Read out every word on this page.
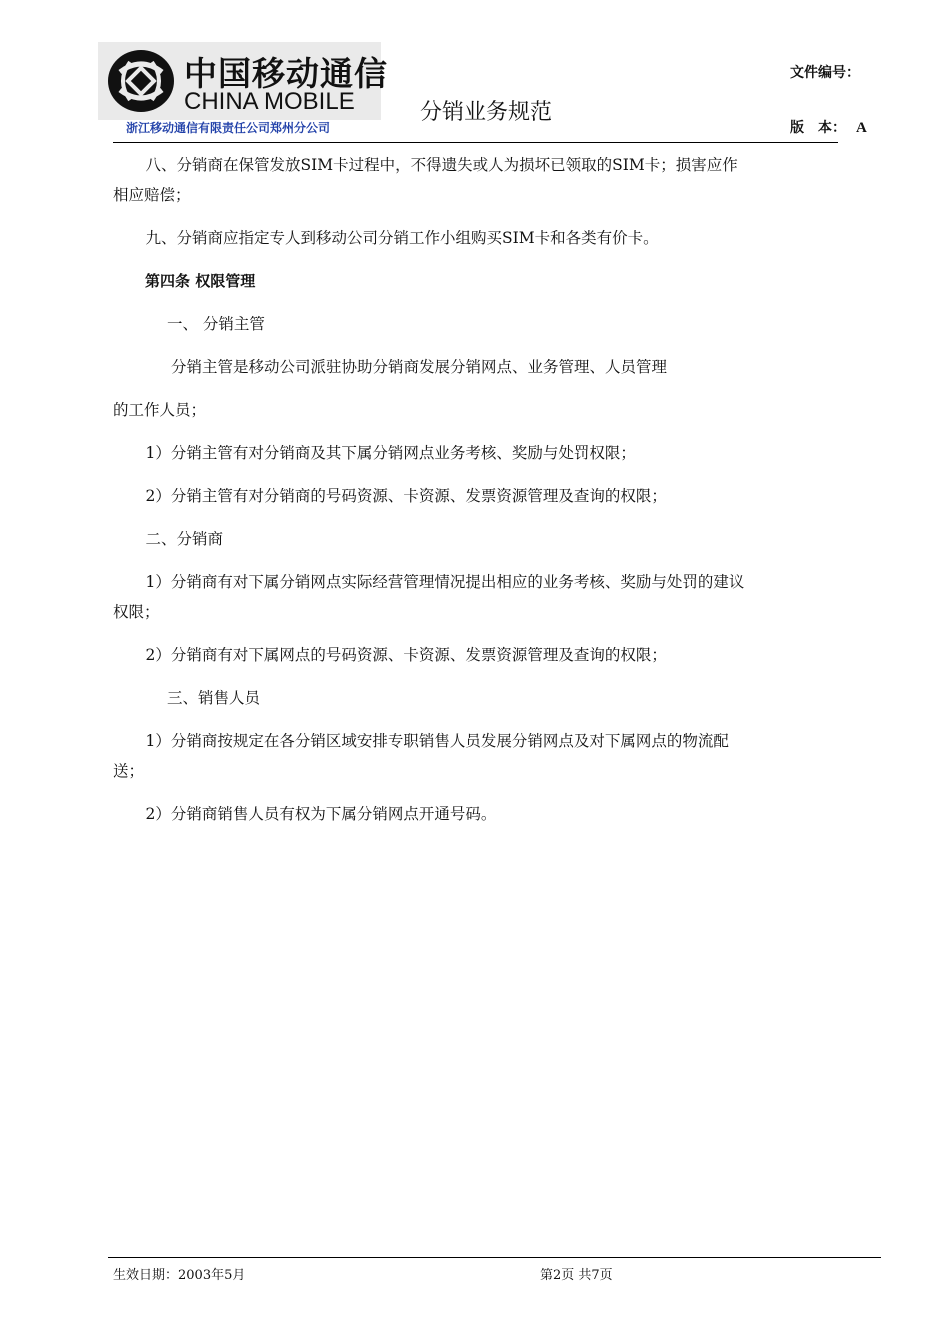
中国移动通信
CHINA MOBILE
浙江移动通信有限责任公司郑州分公司
分销业务规范
文件编号：
版　本： A

八、分销商在保管发放SIM卡过程中，不得遗失或人为损坏已领取的SIM卡；损害应作

相应赔偿；

九、分销商应指定专人到移动公司分销工作小组购买SIM卡和各类有价卡。

第四条 权限管理

一、 分销主管

分销主管是移动公司派驻协助分销商发展分销网点、业务管理、人员管理

的工作人员；

1）分销主管有对分销商及其下属分销网点业务考核、奖励与处罚权限；

2）分销主管有对分销商的号码资源、卡资源、发票资源管理及查询的权限；

二、分销商

1）分销商有对下属分销网点实际经营管理情况提出相应的业务考核、奖励与处罚的建议

权限；

2）分销商有对下属网点的号码资源、卡资源、发票资源管理及查询的权限；

三、销售人员

1）分销商按规定在各分销区域安排专职销售人员发展分销网点及对下属网点的物流配

送；

2）分销商销售人员有权为下属分销网点开通号码。

生效日期：2003年5月	第2页 共7页
